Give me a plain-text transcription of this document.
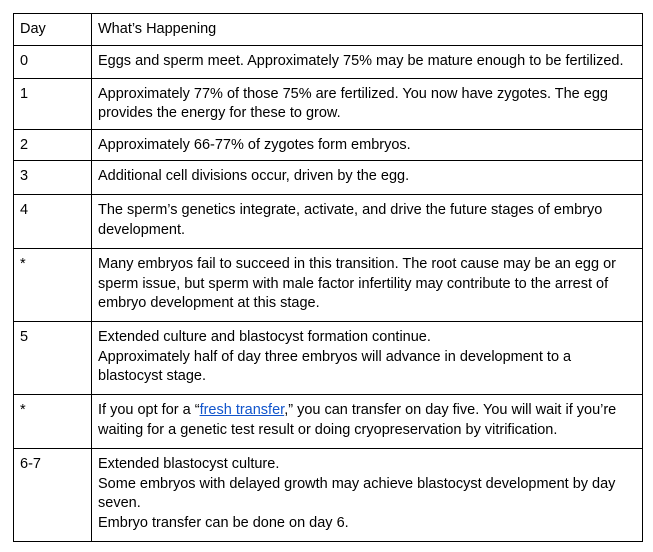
Day	What’s Happening
0	Eggs and sperm meet. Approximately 75% may be mature enough to be fertilized.

1	Approximately 77% of those 75% are fertilized. You now have zygotes. The egg provides the energy for these to grow.

2	Approximately 66-77% of zygotes form embryos.

3	Additional cell divisions occur, driven by the egg.

4	The sperm’s genetics integrate, activate, and drive the future stages of embryo development.

*	Many embryos fail to succeed in this transition. The root cause may be an egg or sperm issue, but sperm with male factor infertility may contribute to the arrest of embryo development at this stage.

5	Extended culture and blastocyst formation continue.
Approximately half of day three embryos will advance in development to a blastocyst stage.

*	If you opt for a “fresh transfer,” you can transfer on day five. You will wait if you’re waiting for a genetic test result or doing cryopreservation by vitrification.
6-7	Extended blastocyst culture.
Some embryos with delayed growth may achieve blastocyst development by day seven.
Embryo transfer can be done on day 6.
